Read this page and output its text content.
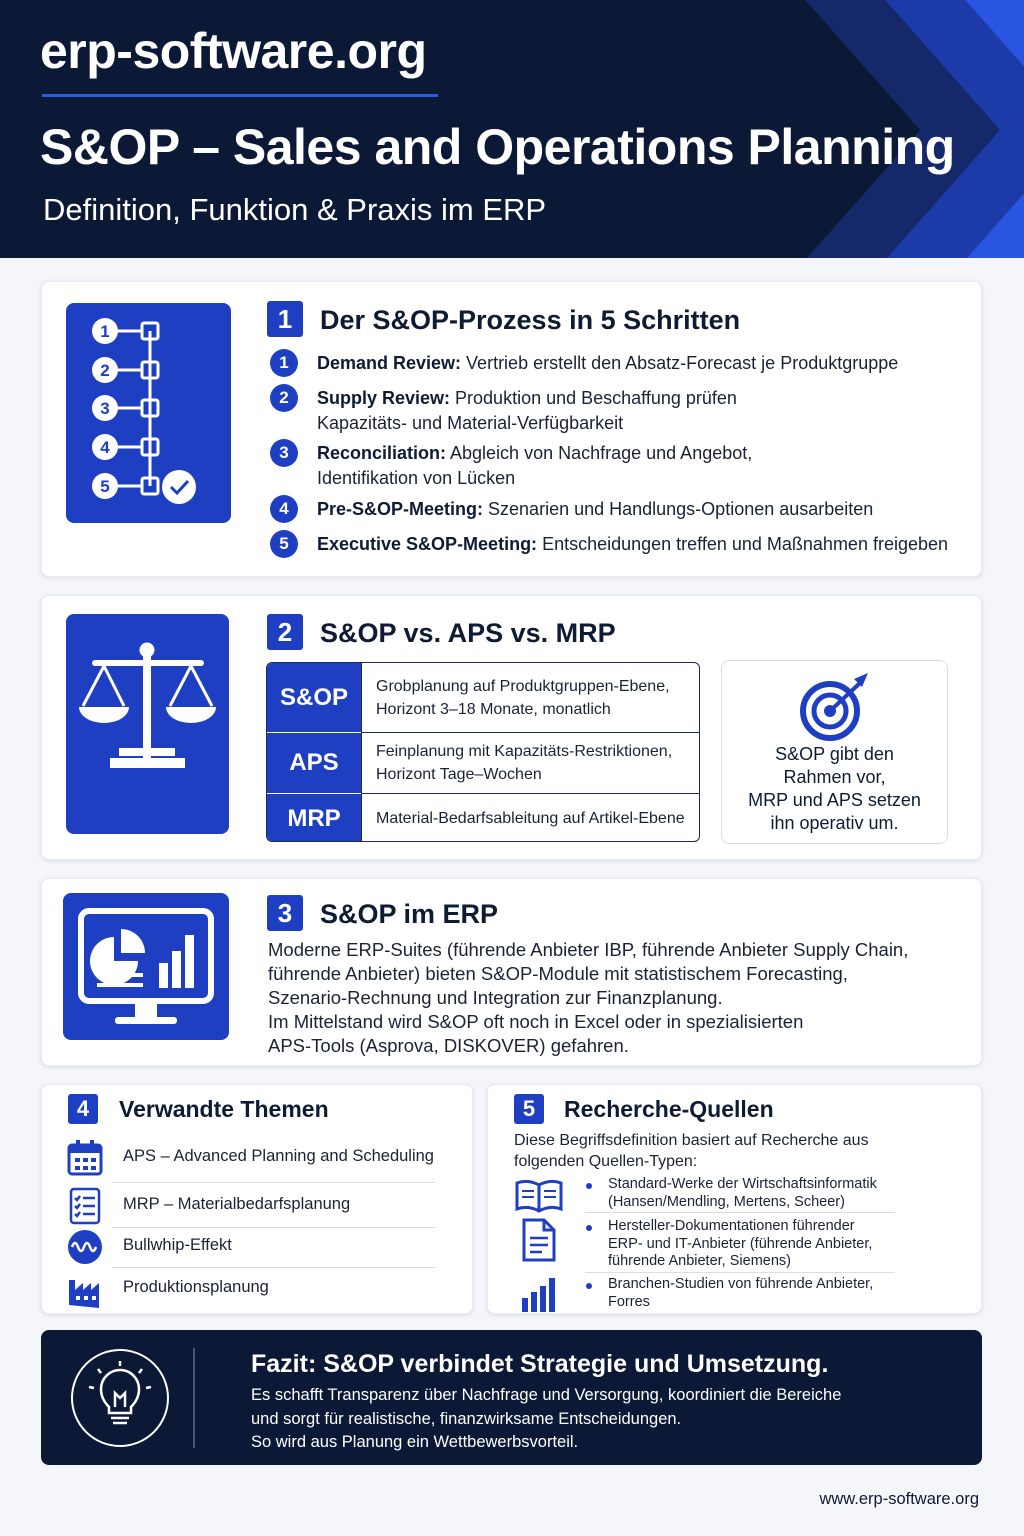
erp-software.org
S&OP – Sales and Operations Planning
Definition, Funktion & Praxis im ERP
1
2
3
4
5
1	Der S&OP-Prozess in 5 Schritten
1	Demand Review: Vertrieb erstellt den Absatz-Forecast je Produktgruppe
2	Supply Review: Produktion und Beschaffung prüfen
Kapazitäts- und Material-Verfügbarkeit
3	Reconciliation: Abgleich von Nachfrage und Angebot,
Identifikation von Lücken
4	Pre-S&OP-Meeting: Szenarien und Handlungs-Optionen ausarbeiten
5	Executive S&OP-Meeting: Entscheidungen treffen und Maßnahmen freigeben
2	S&OP vs. APS vs. MRP
S&OP	Grobplanung auf Produktgruppen-Ebene,
Horizont 3–18 Monate, monatlich
APS	Feinplanung mit Kapazitäts-Restriktionen,
Horizont Tage–Wochen
MRP	Material-Bedarfsableitung auf Artikel-Ebene
S&OP gibt den
Rahmen vor,
MRP und APS setzen
ihn operativ um.
3	S&OP im ERP
Moderne ERP-Suites (führende Anbieter IBP, führende Anbieter Supply Chain,
führende Anbieter) bieten S&OP-Module mit statistischem Forecasting,
Szenario-Rechnung und Integration zur Finanzplanung.
Im Mittelstand wird S&OP oft noch in Excel oder in spezialisierten
APS-Tools (Asprova, DISKOVER) gefahren.
4	Verwandte Themen
APS – Advanced Planning and Scheduling
MRP – Materialbedarfsplanung
Bullwhip-Effekt
Produktionsplanung
5	Recherche-Quellen
Diese Begriffsdefinition basiert auf Recherche aus
folgenden Quellen-Typen:
Standard-Werke der Wirtschaftsinformatik
(Hansen/Mendling, Mertens, Scheer)
Hersteller-Dokumentationen führender
ERP- und IT-Anbieter (führende Anbieter,
führende Anbieter, Siemens)
Branchen-Studien von führende Anbieter,
Forres
Fazit: S&OP verbindet Strategie und Umsetzung.
Es schafft Transparenz über Nachfrage und Versorgung, koordiniert die Bereiche
und sorgt für realistische, finanzwirksame Entscheidungen.
So wird aus Planung ein Wettbewerbsvorteil.
www.erp-software.org
